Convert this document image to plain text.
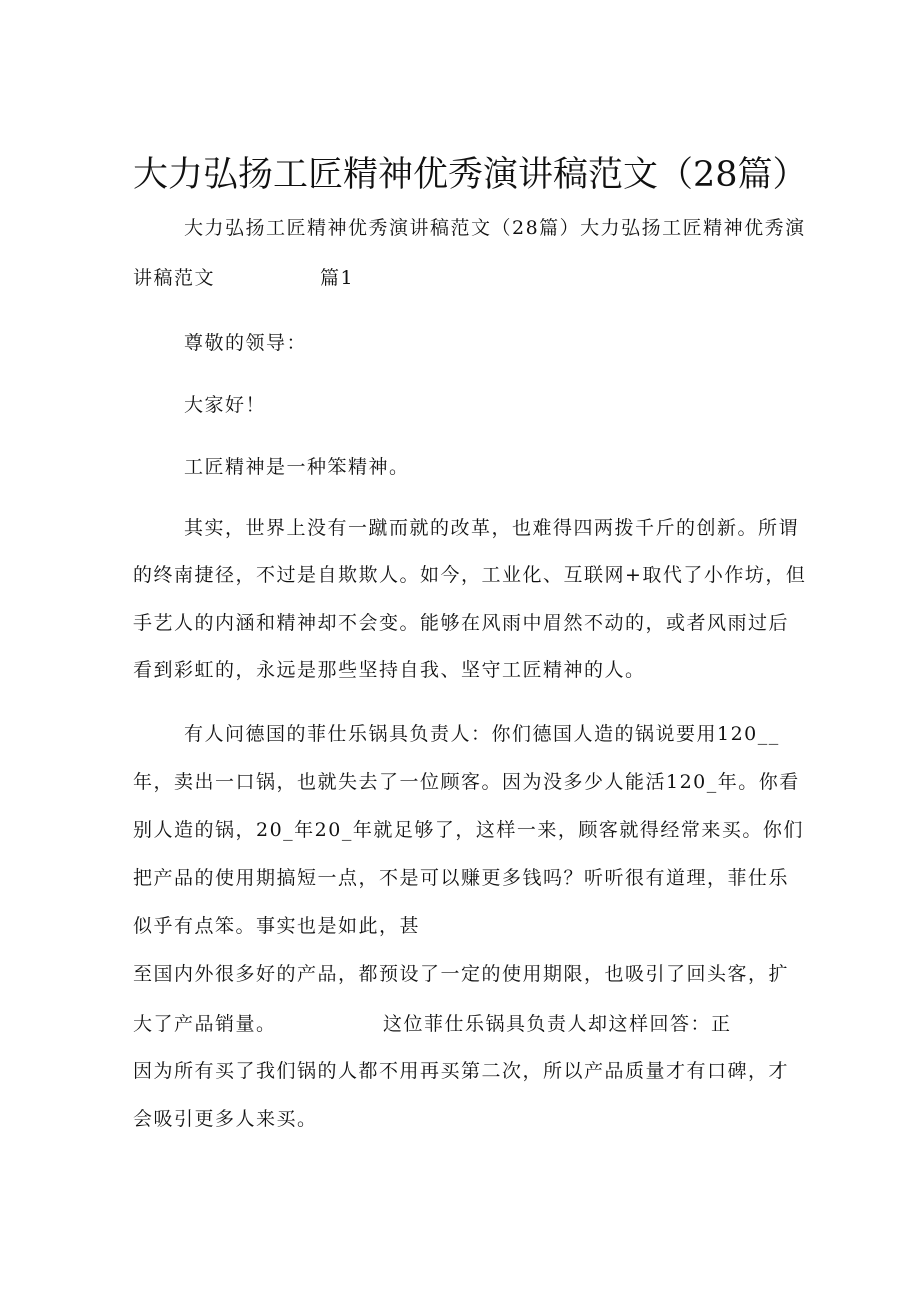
大力弘扬工匠精神优秀演讲稿范文（28篇）
大力弘扬工匠精神优秀演讲稿范文（28篇）大力弘扬工匠精神优秀演
讲稿范文	篇1
尊敬的领导：
大家好！
工匠精神是一种笨精神。
其实，世界上没有一蹴而就的改革，也难得四两拨千斤的创新。所谓
的终南捷径，不过是自欺欺人。如今，工业化、互联网+取代了小作坊，但
手艺人的内涵和精神却不会变。能够在风雨中眉然不动的，或者风雨过后
看到彩虹的，永远是那些坚持自我、坚守工匠精神的人。
有人问德国的菲仕乐锅具负责人：你们德国人造的锅说要用120__
年，卖出一口锅，也就失去了一位顾客。因为没多少人能活120_年。你看
别人造的锅，20_年20_年就足够了，这样一来，顾客就得经常来买。你们
把产品的使用期搞短一点，不是可以赚更多钱吗？听听很有道理，菲仕乐
似乎有点笨。事实也是如此，甚
至国内外很多好的产品，都预设了一定的使用期限，也吸引了回头客，扩
大了产品销量。	这位菲仕乐锅具负责人却这样回答：正
因为所有买了我们锅的人都不用再买第二次，所以产品质量才有口碑，才
会吸引更多人来买。
